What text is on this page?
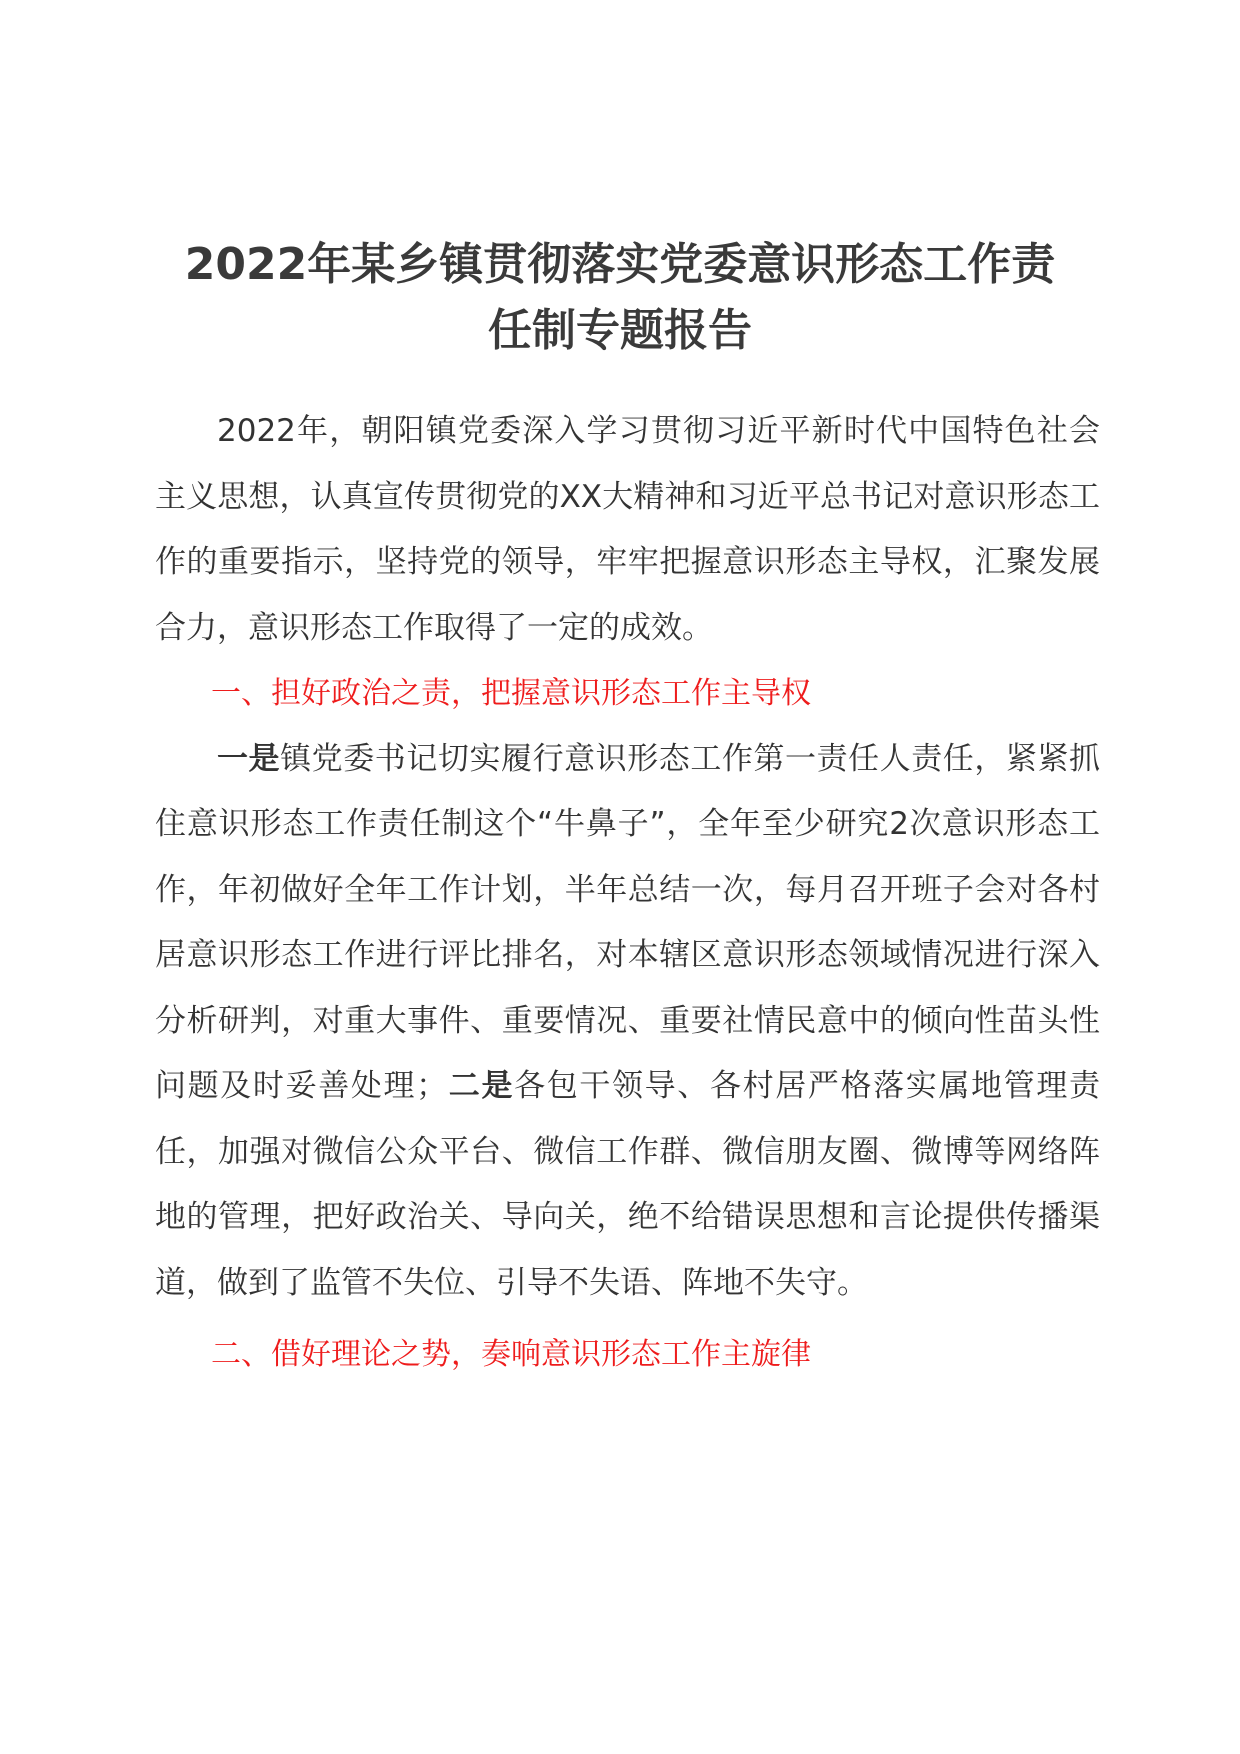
2022年某乡镇贯彻落实党委意识形态工作责
任制专题报告

2022年，朝阳镇党委深入学习贯彻习近平新时代中国特色社会主义思想，认真宣传贯彻党的XX大精神和习近平总书记对意识形态工作的重要指示，坚持党的领导，牢牢把握意识形态主导权，汇聚发展合力，意识形态工作取得了一定的成效。

一、担好政治之责，把握意识形态工作主导权

一是镇党委书记切实履行意识形态工作第一责任人责任，紧紧抓住意识形态工作责任制这个“牛鼻子”，全年至少研究2次意识形态工作，年初做好全年工作计划，半年总结一次，每月召开班子会对各村居意识形态工作进行评比排名，对本辖区意识形态领域情况进行深入分析研判，对重大事件、重要情况、重要社情民意中的倾向性苗头性问题及时妥善处理；二是各包干领导、各村居严格落实属地管理责任，加强对微信公众平台、微信工作群、微信朋友圈、微博等网络阵地的管理，把好政治关、导向关，绝不给错误思想和言论提供传播渠道，做到了监管不失位、引导不失语、阵地不失守。

二、借好理论之势，奏响意识形态工作主旋律
